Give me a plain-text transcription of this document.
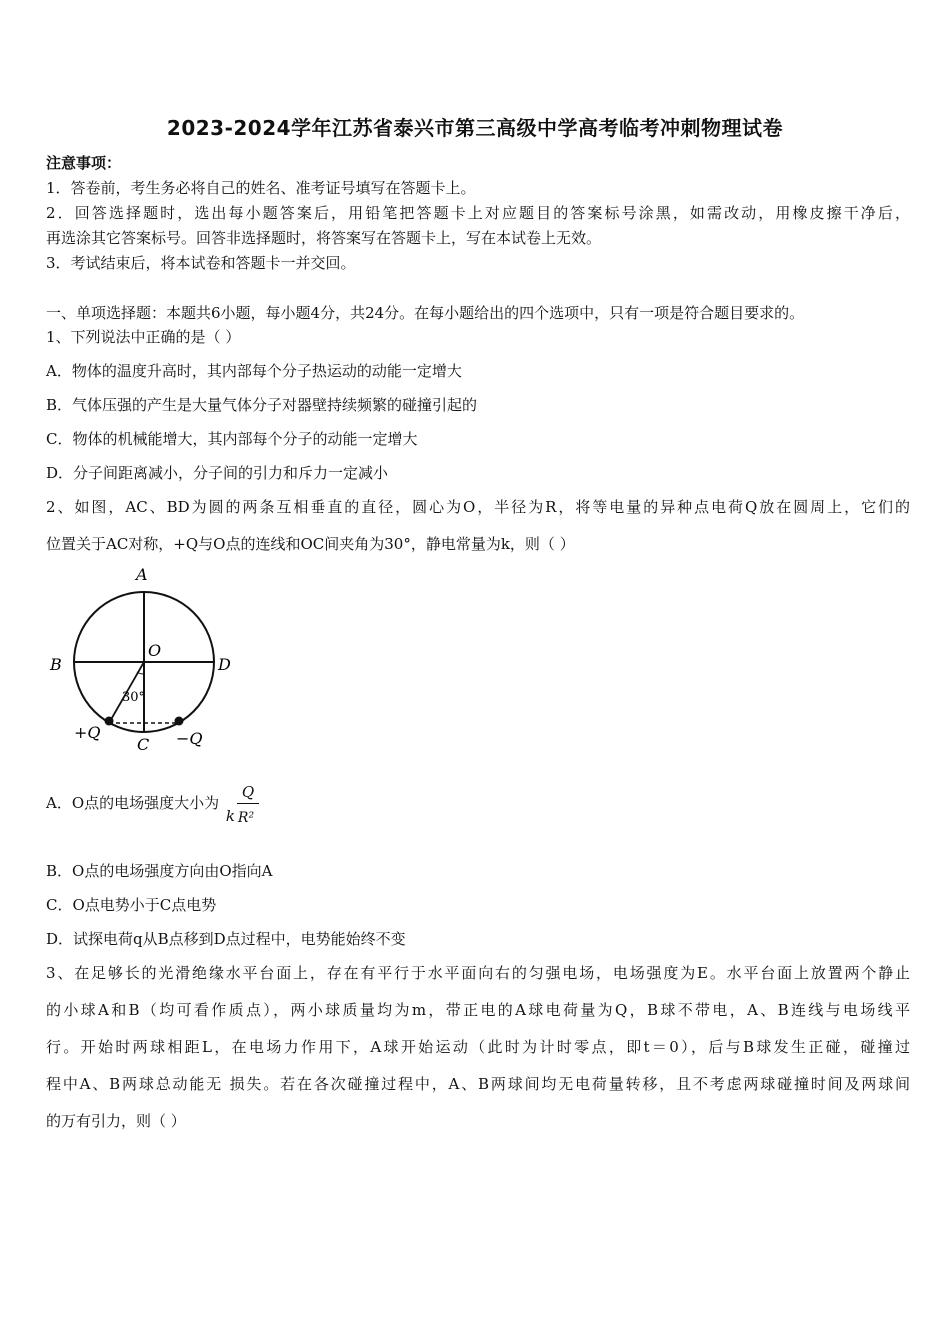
2023-2024学年江苏省泰兴市第三高级中学高考临考冲刺物理试卷
注意事项：
1．答卷前，考生务必将自己的姓名、准考证号填写在答题卡上。
2．回答选择题时，选出每小题答案后，用铅笔把答题卡上对应题目的答案标号涂黑，如需改动，用橡皮擦干净后，
再选涂其它答案标号。回答非选择题时，将答案写在答题卡上，写在本试卷上无效。
3．考试结束后，将本试卷和答题卡一并交回。
一、单项选择题：本题共6小题，每小题4分，共24分。在每小题给出的四个选项中，只有一项是符合题目要求的。
1、下列说法中正确的是（ ）
A．物体的温度升高时，其内部每个分子热运动的动能一定增大
B．气体压强的产生是大量气体分子对器壁持续频繁的碰撞引起的
C．物体的机械能增大，其内部每个分子的动能一定增大
D．分子间距离减小，分子间的引力和斥力一定减小
2、如图，AC、BD为圆的两条互相垂直的直径，圆心为O，半径为R，将等电量的异种点电荷Q放在圆周上，它们的
位置关于AC对称，+Q与O点的连线和OC间夹角为30°，静电常量为k，则（ ）
A
B	D
O
C
30°
+Q	−Q
A．O点的电场强度大小为
k
Q
R²
B．O点的电场强度方向由O指向A
C．O点电势小于C点电势
D．试探电荷q从B点移到D点过程中，电势能始终不变
3、在足够长的光滑绝缘水平台面上，存在有平行于水平面向右的匀强电场，电场强度为E。水平台面上放置两个静止
的小球A和B（均可看作质点），两小球质量均为m，带正电的A球电荷量为Q，B球不带电，A、B连线与电场线平
行。开始时两球相距L，在电场力作用下，A球开始运动（此时为计时零点，即t＝0），后与B球发生正碰，碰撞过
程中A、B两球总动能无 损失。若在各次碰撞过程中，A、B两球间均无电荷量转移，且不考虑两球碰撞时间及两球间
的万有引力，则（ ）
